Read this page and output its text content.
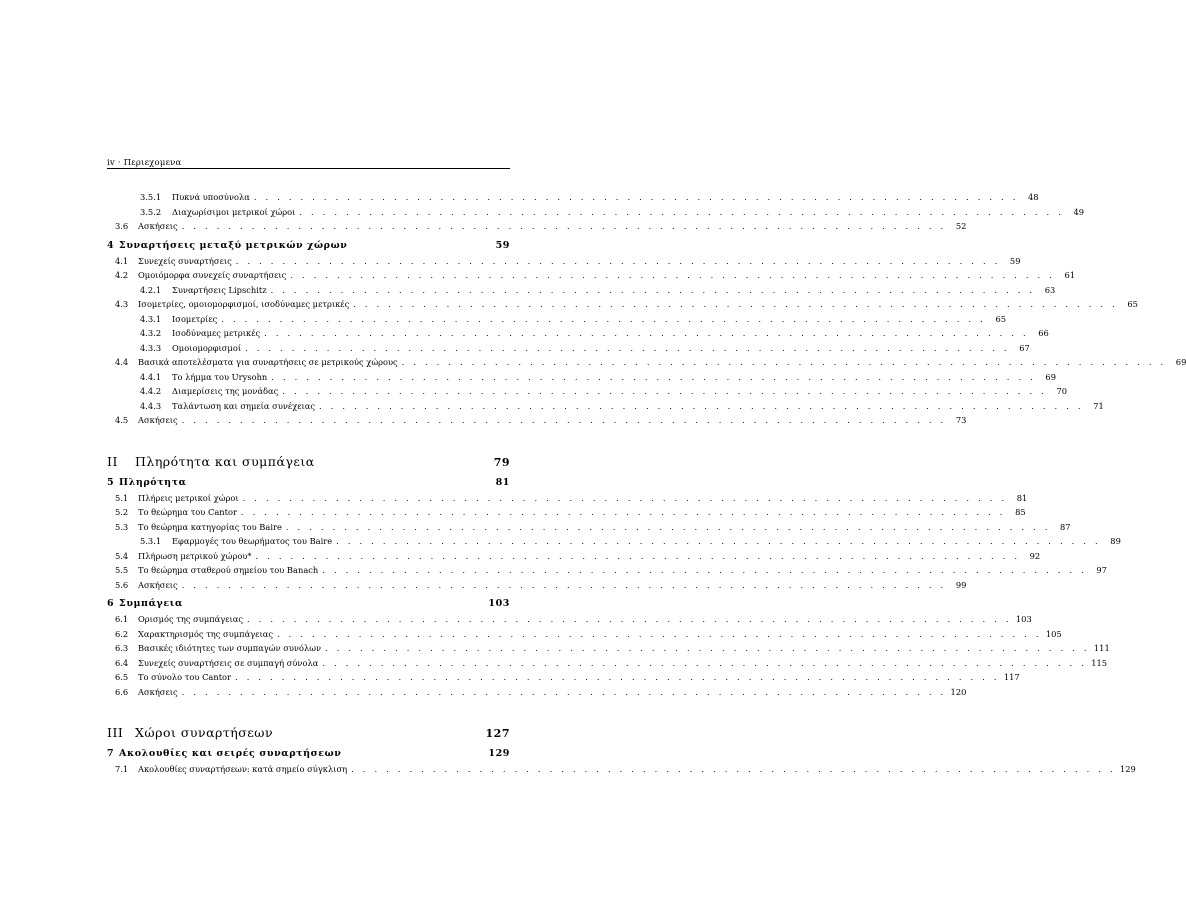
iv · Περιεχομενα
3.5.1	Πυκνά υποσύνολα . . . . . . . . . . . . . . . . . . . . . . . . . . . . . . . . . . . . . . . . . . . . . . . . . . . . . . . . . . . . . . . . . .	48
3.5.2	Διαχωρίσιμοι μετρικοί χώροι . . . . . . . . . . . . . . . . . . . . . . . . . . . . . . . . . . . . . . . . . . . . . . . . . . . . . . . . . . . . . . . . . .	49
3.6	Ασκήσεις . . . . . . . . . . . . . . . . . . . . . . . . . . . . . . . . . . . . . . . . . . . . . . . . . . . . . . . . . . . . . . . . . .	52
4 Συναρτήσεις μεταξύ μετρικών χώρων	59
4.1	Συνεχείς συναρτήσεις . . . . . . . . . . . . . . . . . . . . . . . . . . . . . . . . . . . . . . . . . . . . . . . . . . . . . . . . . . . . . . . . . .	59
4.2	Ομοιόμορφα συνεχείς συναρτήσεις . . . . . . . . . . . . . . . . . . . . . . . . . . . . . . . . . . . . . . . . . . . . . . . . . . . . . . . . . . . . . . . . . .	61
4.2.1	Συναρτήσεις Lipschitz . . . . . . . . . . . . . . . . . . . . . . . . . . . . . . . . . . . . . . . . . . . . . . . . . . . . . . . . . . . . . . . . . .	63
4.3	Ισομετρίες, ομοιομορφισμοί, ισοδύναμες μετρικές . . . . . . . . . . . . . . . . . . . . . . . . . . . . . . . . . . . . . . . . . . . . . . . . . . . . . . . . . . . . . . . . . .	65
4.3.1	Ισομετρίες . . . . . . . . . . . . . . . . . . . . . . . . . . . . . . . . . . . . . . . . . . . . . . . . . . . . . . . . . . . . . . . . . .	65
4.3.2	Ισοδύναμες μετρικές . . . . . . . . . . . . . . . . . . . . . . . . . . . . . . . . . . . . . . . . . . . . . . . . . . . . . . . . . . . . . . . . . .	66
4.3.3	Ομοιομορφισμοί . . . . . . . . . . . . . . . . . . . . . . . . . . . . . . . . . . . . . . . . . . . . . . . . . . . . . . . . . . . . . . . . . .	67
4.4	Βασικά αποτελέσματα για συναρτήσεις σε μετρικούς χώρους . . . . . . . . . . . . . . . . . . . . . . . . . . . . . . . . . . . . . . . . . . . . . . . . . . . . . . . . . . . . . . . . . .	69
4.4.1	Το λήμμα του Urysohn . . . . . . . . . . . . . . . . . . . . . . . . . . . . . . . . . . . . . . . . . . . . . . . . . . . . . . . . . . . . . . . . . .	69
4.4.2	Διαμερίσεις της μονάδας . . . . . . . . . . . . . . . . . . . . . . . . . . . . . . . . . . . . . . . . . . . . . . . . . . . . . . . . . . . . . . . . . .	70
4.4.3	Ταλάντωση και σημεία συνέχειας . . . . . . . . . . . . . . . . . . . . . . . . . . . . . . . . . . . . . . . . . . . . . . . . . . . . . . . . . . . . . . . . . .	71
4.5	Ασκήσεις . . . . . . . . . . . . . . . . . . . . . . . . . . . . . . . . . . . . . . . . . . . . . . . . . . . . . . . . . . . . . . . . . .	73
II	Πληρότητα και συμπάγεια	79
5 Πληρότητα	81
5.1	Πλήρεις μετρικοί χώροι . . . . . . . . . . . . . . . . . . . . . . . . . . . . . . . . . . . . . . . . . . . . . . . . . . . . . . . . . . . . . . . . . .	81
5.2	Το θεώρημα του Cantor . . . . . . . . . . . . . . . . . . . . . . . . . . . . . . . . . . . . . . . . . . . . . . . . . . . . . . . . . . . . . . . . . .	85
5.3	Το θεώρημα κατηγορίας του Baire . . . . . . . . . . . . . . . . . . . . . . . . . . . . . . . . . . . . . . . . . . . . . . . . . . . . . . . . . . . . . . . . . .	87
5.3.1	Εφαρμογές του θεωρήματος του Baire . . . . . . . . . . . . . . . . . . . . . . . . . . . . . . . . . . . . . . . . . . . . . . . . . . . . . . . . . . . . . . . . . .	89
5.4	Πλήρωση μετρικού χώρου* . . . . . . . . . . . . . . . . . . . . . . . . . . . . . . . . . . . . . . . . . . . . . . . . . . . . . . . . . . . . . . . . . .	92
5.5	Το θεώρημα σταθερού σημείου του Banach . . . . . . . . . . . . . . . . . . . . . . . . . . . . . . . . . . . . . . . . . . . . . . . . . . . . . . . . . . . . . . . . . .	97
5.6	Ασκήσεις . . . . . . . . . . . . . . . . . . . . . . . . . . . . . . . . . . . . . . . . . . . . . . . . . . . . . . . . . . . . . . . . . .	99
6 Συμπάγεια	103
6.1	Ορισμός της συμπάγειας . . . . . . . . . . . . . . . . . . . . . . . . . . . . . . . . . . . . . . . . . . . . . . . . . . . . . . . . . . . . . . . . . . 103
6.2	Χαρακτηρισμός της συμπάγειας . . . . . . . . . . . . . . . . . . . . . . . . . . . . . . . . . . . . . . . . . . . . . . . . . . . . . . . . . . . . . . . . . . 105
6.3	Βασικές ιδιότητες των συμπαγών συνόλων . . . . . . . . . . . . . . . . . . . . . . . . . . . . . . . . . . . . . . . . . . . . . . . . . . . . . . . . . . . . . . . . . . 111
6.4	Συνεχείς συναρτήσεις σε συμπαγή σύνολα . . . . . . . . . . . . . . . . . . . . . . . . . . . . . . . . . . . . . . . . . . . . . . . . . . . . . . . . . . . . . . . . . . 115
6.5	Το σύνολο του Cantor . . . . . . . . . . . . . . . . . . . . . . . . . . . . . . . . . . . . . . . . . . . . . . . . . . . . . . . . . . . . . . . . . . 117
6.6	Ασκήσεις . . . . . . . . . . . . . . . . . . . . . . . . . . . . . . . . . . . . . . . . . . . . . . . . . . . . . . . . . . . . . . . . . . 120
III Χώροι συναρτήσεων	127
7 Ακολουθίες και σειρές συναρτήσεων	129
7.1	Ακολουθίες συναρτήσεων: κατά σημείο σύγκλιση . . . . . . . . . . . . . . . . . . . . . . . . . . . . . . . . . . . . . . . . . . . . . . . . . . . . . . . . . . . . . . . . . . 129
